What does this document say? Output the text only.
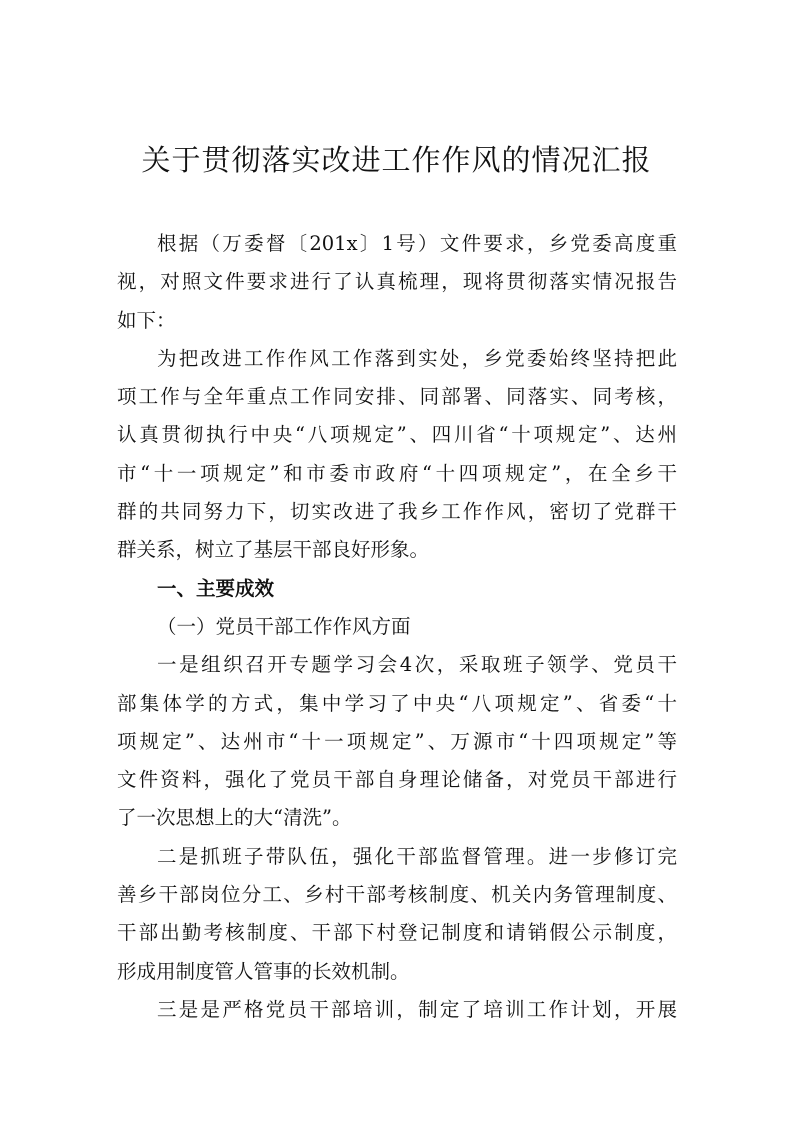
关于贯彻落实改进工作作风的情况汇报
根据（万委督〔201x〕1号）文件要求，乡党委高度重
视，对照文件要求进行了认真梳理，现将贯彻落实情况报告
如下：
为把改进工作作风工作落到实处，乡党委始终坚持把此
项工作与全年重点工作同安排、同部署、同落实、同考核，
认真贯彻执行中央“八项规定”、四川省“十项规定”、达州
市“十一项规定”和市委市政府“十四项规定”，在全乡干
群的共同努力下，切实改进了我乡工作作风，密切了党群干
群关系，树立了基层干部良好形象。
一、主要成效
（一）党员干部工作作风方面
一是组织召开专题学习会4次，采取班子领学、党员干
部集体学的方式，集中学习了中央“八项规定”、省委“十
项规定”、达州市“十一项规定”、万源市“十四项规定”等
文件资料，强化了党员干部自身理论储备，对党员干部进行
了一次思想上的大“清洗”。
二是抓班子带队伍，强化干部监督管理。进一步修订完
善乡干部岗位分工、乡村干部考核制度、机关内务管理制度、
干部出勤考核制度、干部下村登记制度和请销假公示制度，
形成用制度管人管事的长效机制。
三是是严格党员干部培训，制定了培训工作计划，开展
